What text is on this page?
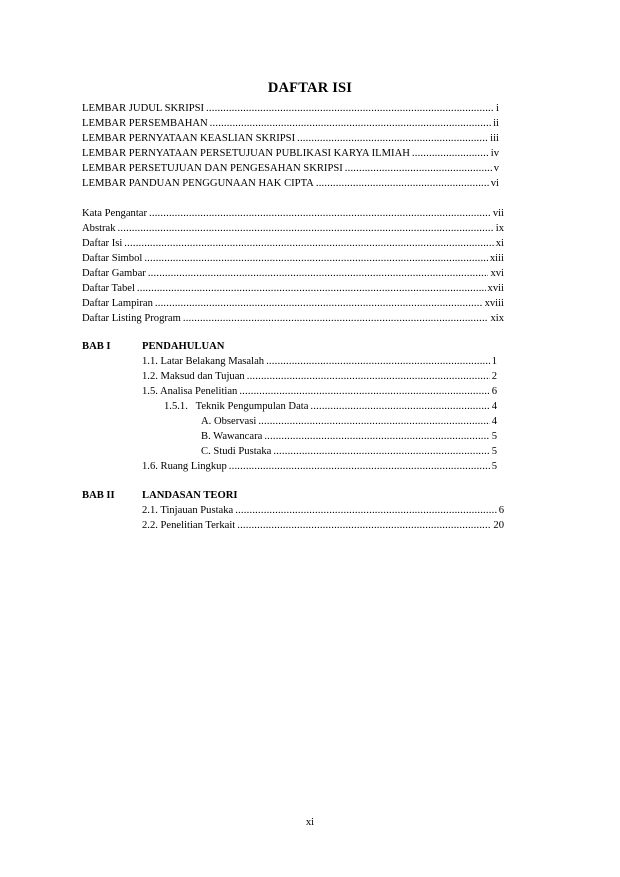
DAFTAR ISI
LEMBAR JUDUL SKRIPSI .....	i
LEMBAR PERSEMBAHAN .....	ii
LEMBAR PERNYATAAN KEASLIAN SKRIPSI .....	iii
LEMBAR PERNYATAAN PERSETUJUAN PUBLIKASI KARYA ILMIAH .....	iv
LEMBAR PERSETUJUAN DAN PENGESAHAN SKRIPSI .....	v
LEMBAR PANDUAN PENGGUNAAN HAK CIPTA .....	vi
Kata Pengantar .....	vii
Abstrak .....	ix
Daftar Isi .....	xi
Daftar Simbol .....	xiii
Daftar Gambar .....	xvi
Daftar Tabel .....	xvii
Daftar Lampiran .....	xviii
Daftar Listing Program .....	xix
BAB I	PENDAHULUAN
1.1. Latar Belakang Masalah .....	1
1.2. Maksud dan Tujuan .....	2
1.5. Analisa Penelitian .....	6
1.5.1.   Teknik Pengumpulan Data .....	4
A. Observasi .....	4
B. Wawancara .....	5
C. Studi Pustaka .....	5
1.6. Ruang Lingkup .....	5
BAB II	LANDASAN TEORI
2.1. Tinjauan Pustaka .....	6
2.2. Penelitian Terkait .....	20
xi
